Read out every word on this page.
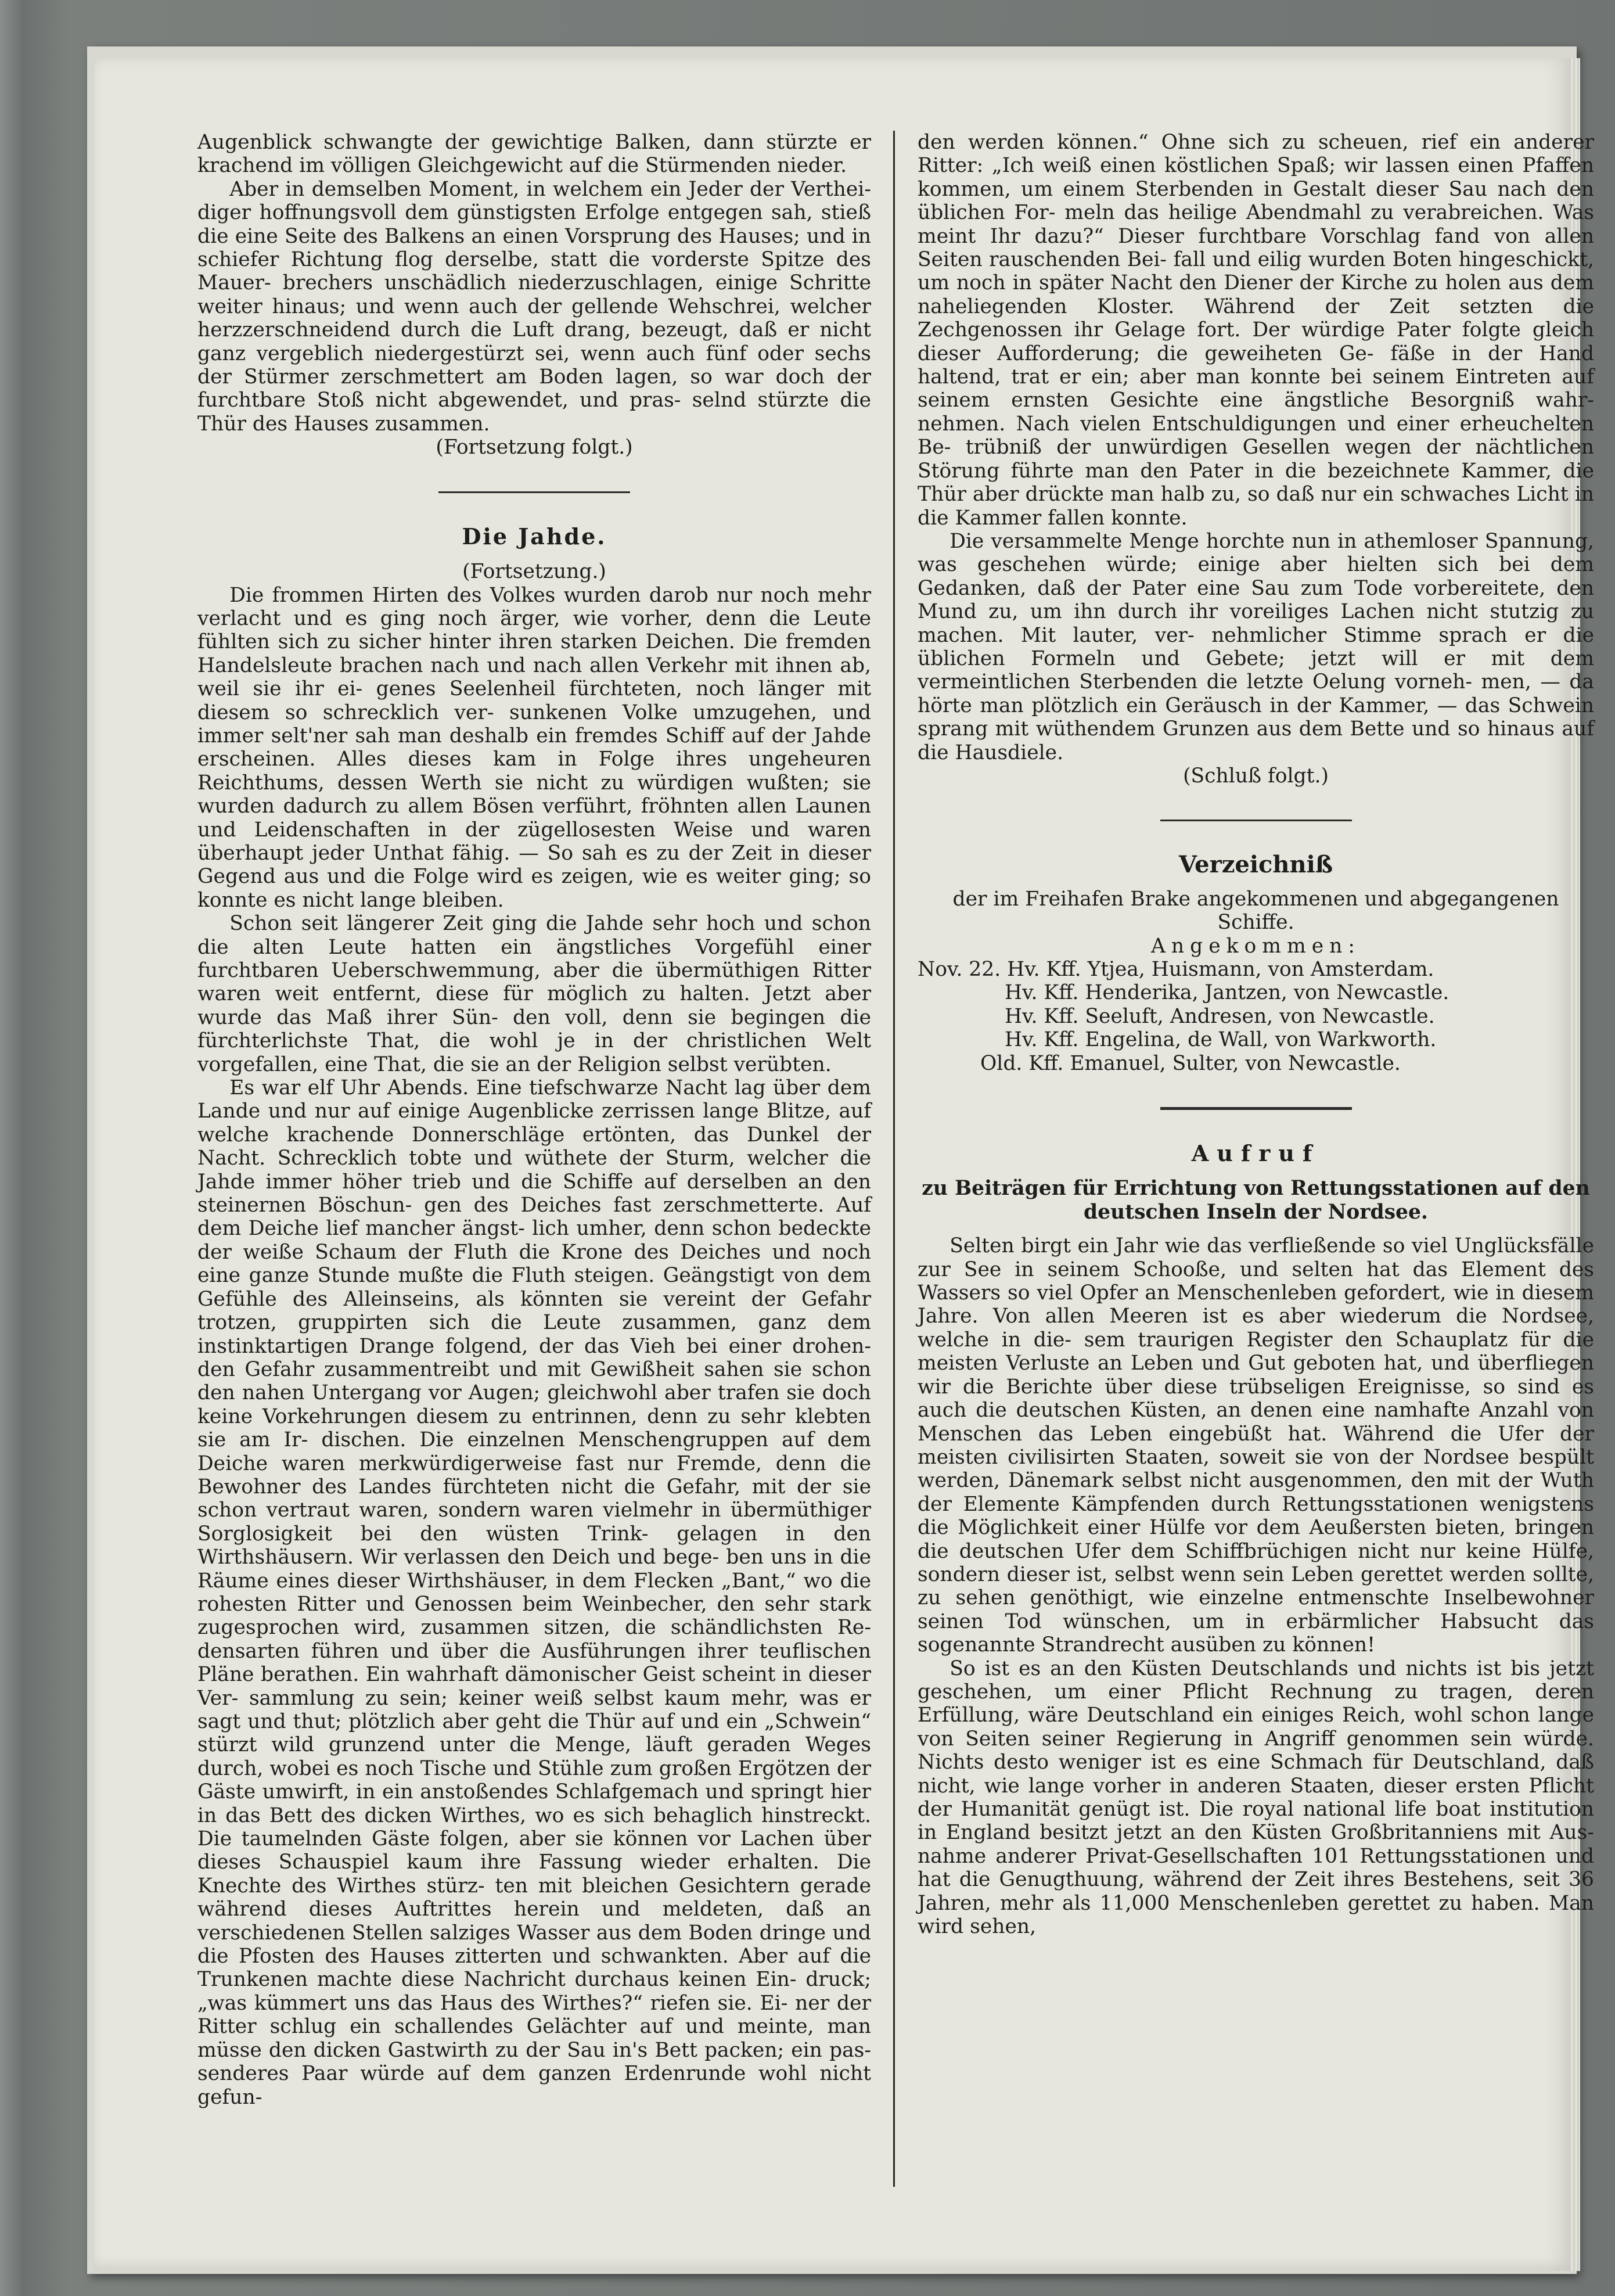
Augenblick schwangte der gewichtige Balken, dann stürzte er krachend im völligen Gleichgewicht auf die Stürmenden nieder.

Aber in demselben Moment, in welchem ein Jeder der Verthei- diger hoffnungsvoll dem günstigsten Erfolge entgegen sah, stieß die eine Seite des Balkens an einen Vorsprung des Hauses; und in schiefer Richtung flog derselbe, statt die vorderste Spitze des Mauer- brechers unschädlich niederzuschlagen, einige Schritte weiter hinaus; und wenn auch der gellende Wehschrei, welcher herzzerschneidend durch die Luft drang, bezeugt, daß er nicht ganz vergeblich niedergestürzt sei, wenn auch fünf oder sechs der Stürmer zerschmettert am Boden lagen, so war doch der furchtbare Stoß nicht abgewendet, und pras- selnd stürzte die Thür des Hauses zusammen.

(Fortsetzung folgt.)

Die Jahde.

(Fortsetzung.)

Die frommen Hirten des Volkes wurden darob nur noch mehr verlacht und es ging noch ärger, wie vorher, denn die Leute fühlten sich zu sicher hinter ihren starken Deichen. Die fremden Handelsleute brachen nach und nach allen Verkehr mit ihnen ab, weil sie ihr ei- genes Seelenheil fürchteten, noch länger mit diesem so schrecklich ver- sunkenen Volke umzugehen, und immer selt'ner sah man deshalb ein fremdes Schiff auf der Jahde erscheinen. Alles dieses kam in Folge ihres ungeheuren Reichthums, dessen Werth sie nicht zu würdigen wußten; sie wurden dadurch zu allem Bösen verführt, fröhnten allen Launen und Leidenschaften in der zügellosesten Weise und waren überhaupt jeder Unthat fähig. — So sah es zu der Zeit in dieser Gegend aus und die Folge wird es zeigen, wie es weiter ging; so konnte es nicht lange bleiben.

Schon seit längerer Zeit ging die Jahde sehr hoch und schon die alten Leute hatten ein ängstliches Vorgefühl einer furchtbaren Ueberschwemmung, aber die übermüthigen Ritter waren weit entfernt, diese für möglich zu halten. Jetzt aber wurde das Maß ihrer Sün- den voll, denn sie begingen die fürchterlichste That, die wohl je in der christlichen Welt vorgefallen, eine That, die sie an der Religion selbst verübten.

Es war elf Uhr Abends. Eine tiefschwarze Nacht lag über dem Lande und nur auf einige Augenblicke zerrissen lange Blitze, auf welche krachende Donnerschläge ertönten, das Dunkel der Nacht. Schrecklich tobte und wüthete der Sturm, welcher die Jahde immer höher trieb und die Schiffe auf derselben an den steinernen Böschun- gen des Deiches fast zerschmetterte. Auf dem Deiche lief mancher ängst- lich umher, denn schon bedeckte der weiße Schaum der Fluth die Krone des Deiches und noch eine ganze Stunde mußte die Fluth steigen. Geängstigt von dem Gefühle des Alleinseins, als könnten sie vereint der Gefahr trotzen, gruppirten sich die Leute zusammen, ganz dem instinktartigen Drange folgend, der das Vieh bei einer drohen- den Gefahr zusammentreibt und mit Gewißheit sahen sie schon den nahen Untergang vor Augen; gleichwohl aber trafen sie doch keine Vorkehrungen diesem zu entrinnen, denn zu sehr klebten sie am Ir- dischen. Die einzelnen Menschengruppen auf dem Deiche waren merkwürdigerweise fast nur Fremde, denn die Bewohner des Landes fürchteten nicht die Gefahr, mit der sie schon vertraut waren, sondern waren vielmehr in übermüthiger Sorglosigkeit bei den wüsten Trink- gelagen in den Wirthshäusern. Wir verlassen den Deich und bege- ben uns in die Räume eines dieser Wirthshäuser, in dem Flecken „Bant,“ wo die rohesten Ritter und Genossen beim Weinbecher, den sehr stark zugesprochen wird, zusammen sitzen, die schändlichsten Re- densarten führen und über die Ausführungen ihrer teuflischen Pläne berathen. Ein wahrhaft dämonischer Geist scheint in dieser Ver- sammlung zu sein; keiner weiß selbst kaum mehr, was er sagt und thut; plötzlich aber geht die Thür auf und ein „Schwein“ stürzt wild grunzend unter die Menge, läuft geraden Weges durch, wobei es noch Tische und Stühle zum großen Ergötzen der Gäste umwirft, in ein anstoßendes Schlafgemach und springt hier in das Bett des dicken Wirthes, wo es sich behaglich hinstreckt. Die taumelnden Gäste folgen, aber sie können vor Lachen über dieses Schauspiel kaum ihre Fassung wieder erhalten. Die Knechte des Wirthes stürz- ten mit bleichen Gesichtern gerade während dieses Auftrittes herein und meldeten, daß an verschiedenen Stellen salziges Wasser aus dem Boden dringe und die Pfosten des Hauses zitterten und schwankten. Aber auf die Trunkenen machte diese Nachricht durchaus keinen Ein- druck; „was kümmert uns das Haus des Wirthes?“ riefen sie. Ei- ner der Ritter schlug ein schallendes Gelächter auf und meinte, man müsse den dicken Gastwirth zu der Sau in's Bett packen; ein pas- senderes Paar würde auf dem ganzen Erdenrunde wohl nicht gefun-

den werden können.“ Ohne sich zu scheuen, rief ein anderer Ritter: „Ich weiß einen köstlichen Spaß; wir lassen einen Pfaffen kommen, um einem Sterbenden in Gestalt dieser Sau nach den üblichen For- meln das heilige Abendmahl zu verabreichen. Was meint Ihr dazu?“ Dieser furchtbare Vorschlag fand von allen Seiten rauschenden Bei- fall und eilig wurden Boten hingeschickt, um noch in später Nacht den Diener der Kirche zu holen aus dem naheliegenden Kloster. Während der Zeit setzten die Zechgenossen ihr Gelage fort. Der würdige Pater folgte gleich dieser Aufforderung; die geweiheten Ge- fäße in der Hand haltend, trat er ein; aber man konnte bei seinem Eintreten auf seinem ernsten Gesichte eine ängstliche Besorgniß wahr- nehmen. Nach vielen Entschuldigungen und einer erheuchelten Be- trübniß der unwürdigen Gesellen wegen der nächtlichen Störung führte man den Pater in die bezeichnete Kammer, die Thür aber drückte man halb zu, so daß nur ein schwaches Licht in die Kammer fallen konnte.

Die versammelte Menge horchte nun in athemloser Spannung, was geschehen würde; einige aber hielten sich bei dem Gedanken, daß der Pater eine Sau zum Tode vorbereitete, den Mund zu, um ihn durch ihr voreiliges Lachen nicht stutzig zu machen. Mit lauter, ver- nehmlicher Stimme sprach er die üblichen Formeln und Gebete; jetzt will er mit dem vermeintlichen Sterbenden die letzte Oelung vorneh- men, — da hörte man plötzlich ein Geräusch in der Kammer, — das Schwein sprang mit wüthendem Grunzen aus dem Bette und so hinaus auf die Hausdiele.

(Schluß folgt.)

Verzeichniß

der im Freihafen Brake angekommenen und abgegangenen Schiffe.

Angekommen:

Nov. 22. Hv. Kff. Ytjea, Huismann, von Amsterdam.

Hv. Kff. Henderika, Jantzen, von Newcastle.

Hv. Kff. Seeluft, Andresen, von Newcastle.

Hv. Kff. Engelina, de Wall, von Warkworth.

Old. Kff. Emanuel, Sulter, von Newcastle.

Aufruf

zu Beiträgen für Errichtung von Rettungsstationen auf den

deutschen Inseln der Nordsee.

Selten birgt ein Jahr wie das verfließende so viel Unglücksfälle zur See in seinem Schooße, und selten hat das Element des Wassers so viel Opfer an Menschenleben gefordert, wie in diesem Jahre. Von allen Meeren ist es aber wiederum die Nordsee, welche in die- sem traurigen Register den Schauplatz für die meisten Verluste an Leben und Gut geboten hat, und überfliegen wir die Berichte über diese trübseligen Ereignisse, so sind es auch die deutschen Küsten, an denen eine namhafte Anzahl von Menschen das Leben eingebüßt hat. Während die Ufer der meisten civilisirten Staaten, soweit sie von der Nordsee bespült werden, Dänemark selbst nicht ausgenommen, den mit der Wuth der Elemente Kämpfenden durch Rettungsstationen wenigstens die Möglichkeit einer Hülfe vor dem Aeußersten bieten, bringen die deutschen Ufer dem Schiffbrüchigen nicht nur keine Hülfe, sondern dieser ist, selbst wenn sein Leben gerettet werden sollte, zu sehen genöthigt, wie einzelne entmenschte Inselbewohner seinen Tod wünschen, um in erbärmlicher Habsucht das sogenannte Strandrecht ausüben zu können!

So ist es an den Küsten Deutschlands und nichts ist bis jetzt geschehen, um einer Pflicht Rechnung zu tragen, deren Erfüllung, wäre Deutschland ein einiges Reich, wohl schon lange von Seiten seiner Regierung in Angriff genommen sein würde. Nichts desto weniger ist es eine Schmach für Deutschland, daß nicht, wie lange vorher in anderen Staaten, dieser ersten Pflicht der Humanität genügt ist. Die royal national life boat institution in England besitzt jetzt an den Küsten Großbritanniens mit Aus- nahme anderer Privat-Gesellschaften 101 Rettungsstationen und hat die Genugthuung, während der Zeit ihres Bestehens, seit 36 Jahren, mehr als 11,000 Menschenleben gerettet zu haben. Man wird sehen,
